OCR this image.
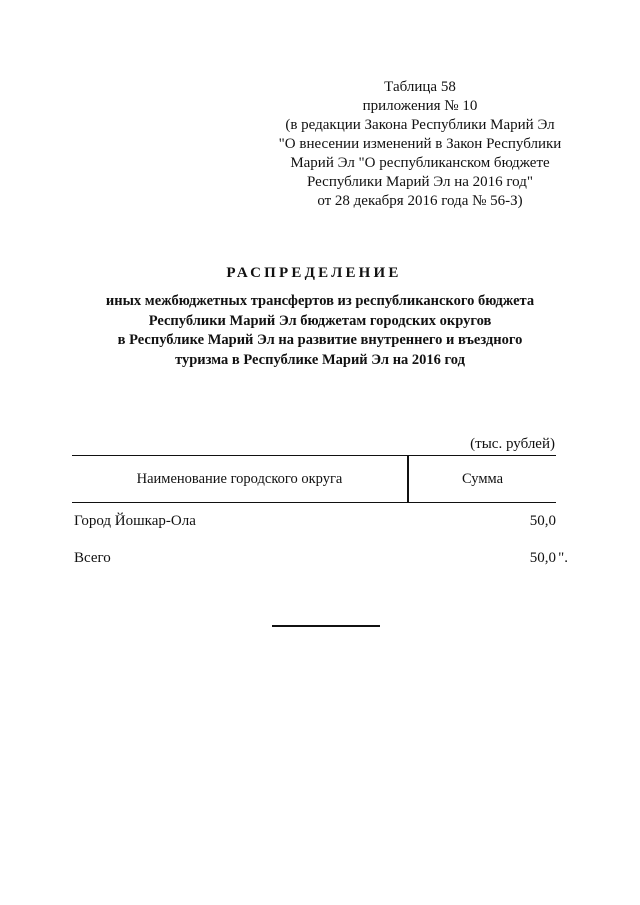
Таблица 58
приложения № 10
(в редакции Закона Республики Марий Эл
"О внесении изменений в Закон Республики
Марий Эл "О республиканском бюджете
Республики Марий Эл на 2016 год"
от 28 декабря 2016 года № 56-З)
РАСПРЕДЕЛЕНИЕ
иных межбюджетных трансфертов из республиканского бюджета
Республики Марий Эл бюджетам городских округов
в Республике Марий Эл на развитие внутреннего и въездного
туризма в Республике Марий Эл на 2016 год
(тыс. рублей)
Наименование городского округа	Сумма
Город Йошкар-Ола	50,0
Всего	50,0 ".
